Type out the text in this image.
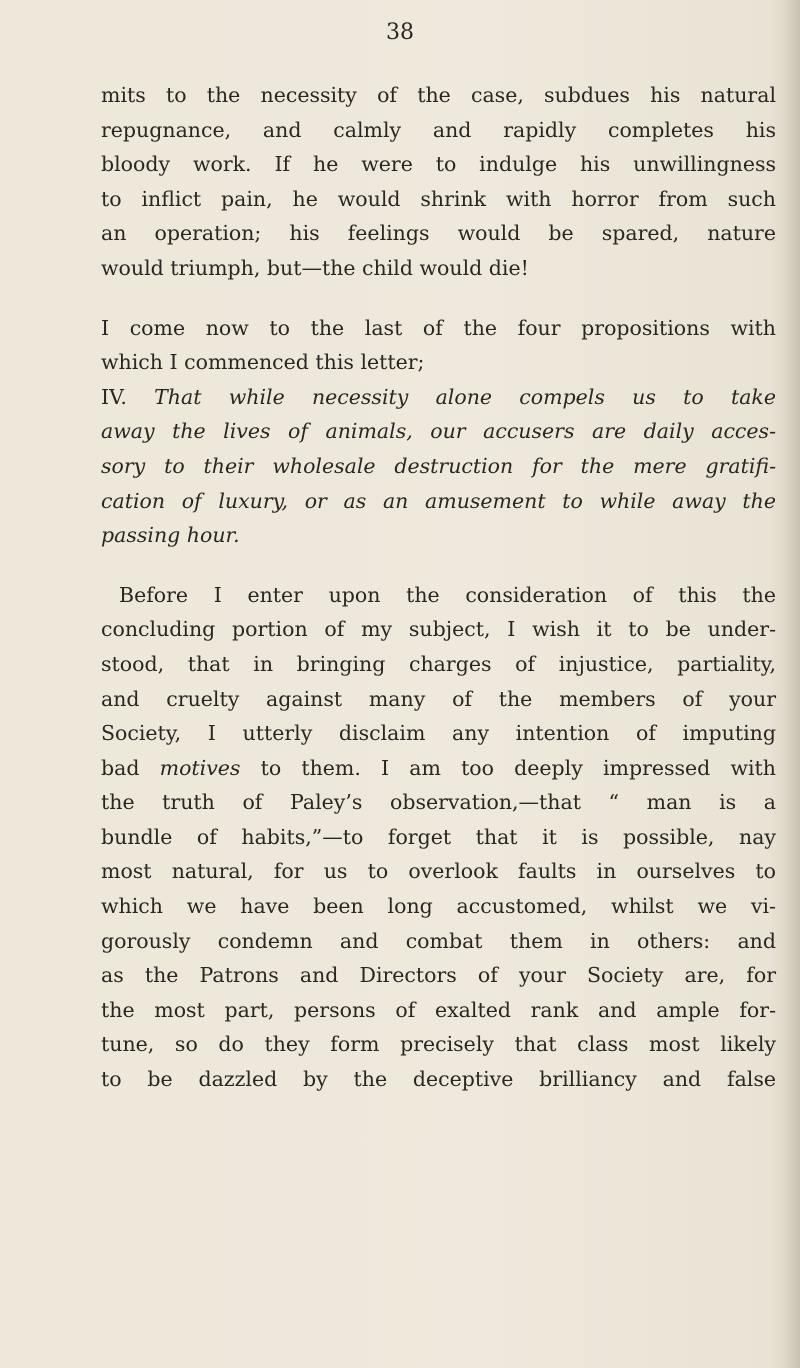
38
mits to the necessity of the case, subdues his natural
repugnance, and calmly and rapidly completes his
bloody work. If he were to indulge his unwillingness
to inflict pain, he would shrink with horror from such
an operation; his feelings would be spared, nature
would triumph, but—the child would die!
I come now to the last of the four propositions with
which I commenced this letter;
IV. That while necessity alone compels us to take
away the lives of animals, our accusers are daily acces-
sory to their wholesale destruction for the mere gratifi-
cation of luxury, or as an amusement to while away the
passing hour.
Before I enter upon the consideration of this the
concluding portion of my subject, I wish it to be under-
stood, that in bringing charges of injustice, partiality,
and cruelty against many of the members of your
Society, I utterly disclaim any intention of imputing
bad motives to them. I am too deeply impressed with
the truth of Paley’s observation,—that “ man is a
bundle of habits,”—to forget that it is possible, nay
most natural, for us to overlook faults in ourselves to
which we have been long accustomed, whilst we vi-
gorously condemn and combat them in others: and
as the Patrons and Directors of your Society are, for
the most part, persons of exalted rank and ample for-
tune, so do they form precisely that class most likely
to be dazzled by the deceptive brilliancy and false
